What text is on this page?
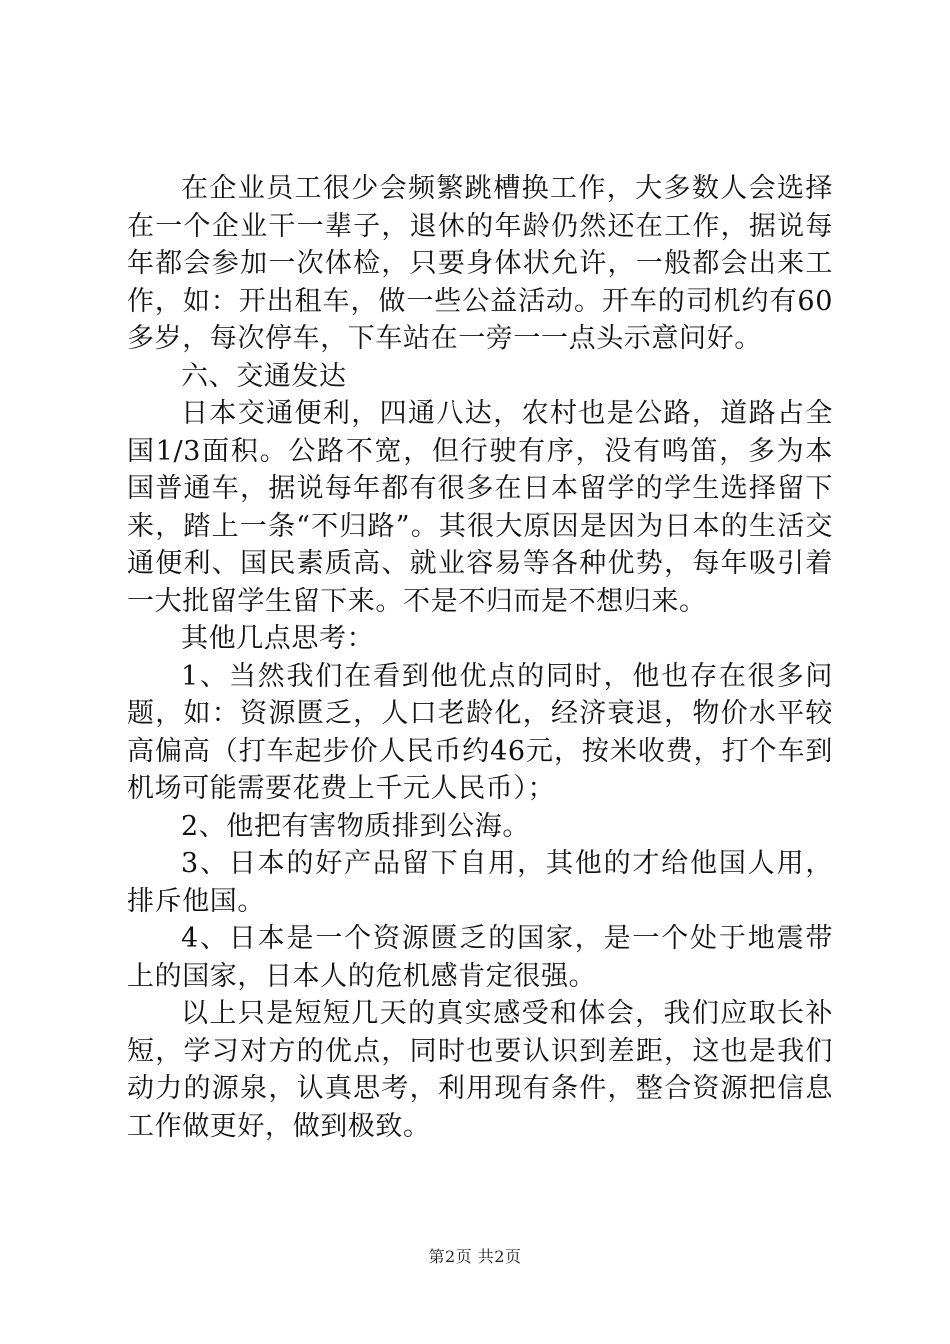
在企业员工很少会频繁跳槽换工作，大多数人会选择在一个企业干一辈子，退休的年龄仍然还在工作，据说每年都会参加一次体检，只要身体状允许，一般都会出来工作，如：开出租车，做一些公益活动。开车的司机约有60多岁，每次停车，下车站在一旁一一点头示意问好。

六、交通发达

日本交通便利，四通八达，农村也是公路，道路占全国1/3面积。公路不宽，但行驶有序，没有鸣笛，多为本国普通车，据说每年都有很多在日本留学的学生选择留下来，踏上一条“不归路”。其很大原因是因为日本的生活交通便利、国民素质高、就业容易等各种优势，每年吸引着一大批留学生留下来。不是不归而是不想归来。

其他几点思考：

1、当然我们在看到他优点的同时，他也存在很多问题，如：资源匮乏，人口老龄化，经济衰退，物价水平较高偏高（打车起步价人民币约46元，按米收费，打个车到机场可能需要花费上千元人民币）；

2、他把有害物质排到公海。

3、日本的好产品留下自用，其他的才给他国人用，排斥他国。

4、日本是一个资源匮乏的国家，是一个处于地震带上的国家，日本人的危机感肯定很强。

以上只是短短几天的真实感受和体会，我们应取长补短，学习对方的优点，同时也要认识到差距，这也是我们动力的源泉，认真思考，利用现有条件，整合资源把信息工作做更好，做到极致。

第2页 共2页
